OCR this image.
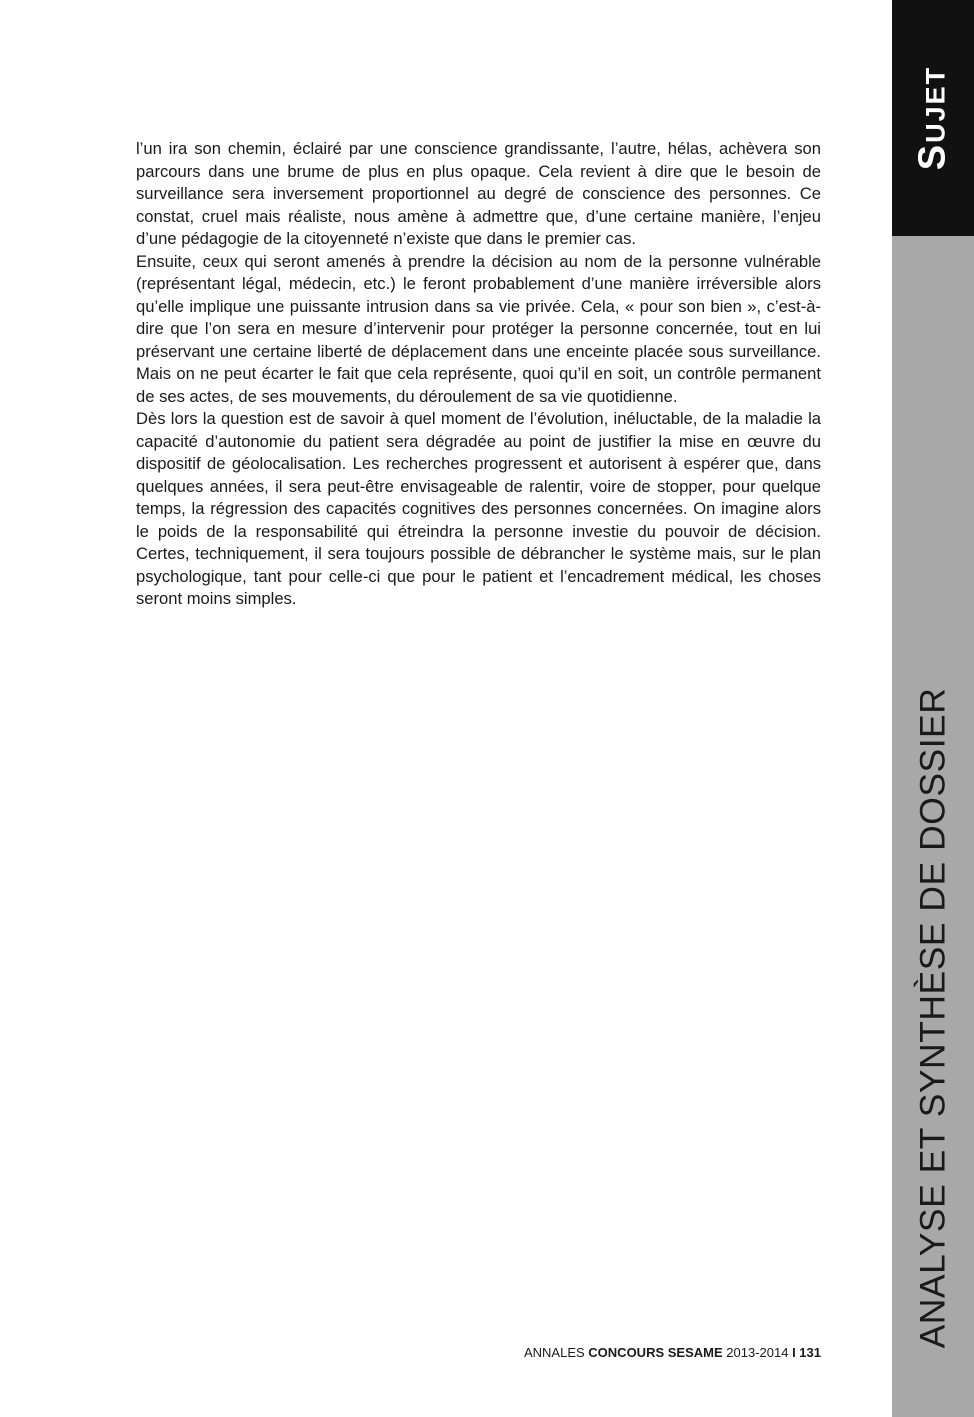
l’un ira son chemin, éclairé par une conscience grandissante, l’autre, hélas, achèvera son parcours dans une brume de plus en plus opaque. Cela revient à dire que le besoin de surveillance sera inversement proportionnel au degré de conscience des personnes. Ce constat, cruel mais réaliste, nous amène à admettre que, d’une certaine manière, l’enjeu d’une pédagogie de la citoyenneté n’existe que dans le premier cas.

Ensuite, ceux qui seront amenés à prendre la décision au nom de la personne vulnérable (représentant légal, médecin, etc.) le feront probablement d’une manière irréversible alors qu’elle implique une puissante intrusion dans sa vie privée. Cela, « pour son bien », c’est-à-dire que l’on sera en mesure d’intervenir pour protéger la personne concernée, tout en lui préservant une certaine liberté de déplacement dans une enceinte placée sous surveillance. Mais on ne peut écarter le fait que cela représente, quoi qu’il en soit, un contrôle permanent de ses actes, de ses mouvements, du déroulement de sa vie quotidienne.

Dès lors la question est de savoir à quel moment de l’évolution, inéluctable, de la maladie la capacité d’autonomie du patient sera dégradée au point de justifier la mise en œuvre du dispositif de géolocalisation. Les recherches progressent et autorisent à espérer que, dans quelques années, il sera peut-être envisageable de ralentir, voire de stopper, pour quelque temps, la régression des capacités cognitives des personnes concernées. On imagine alors le poids de la responsabilité qui étreindra la personne investie du pouvoir de décision. Certes, techniquement, il sera toujours possible de débrancher le système mais, sur le plan psychologique, tant pour celle-ci que pour le patient et l’encadrement médical, les choses seront moins simples.

Sujet
ANALYSE ET SYNTHÈSE DE DOSSIER
ANNALES CONCOURS SESAME 2013-2014 I 131
